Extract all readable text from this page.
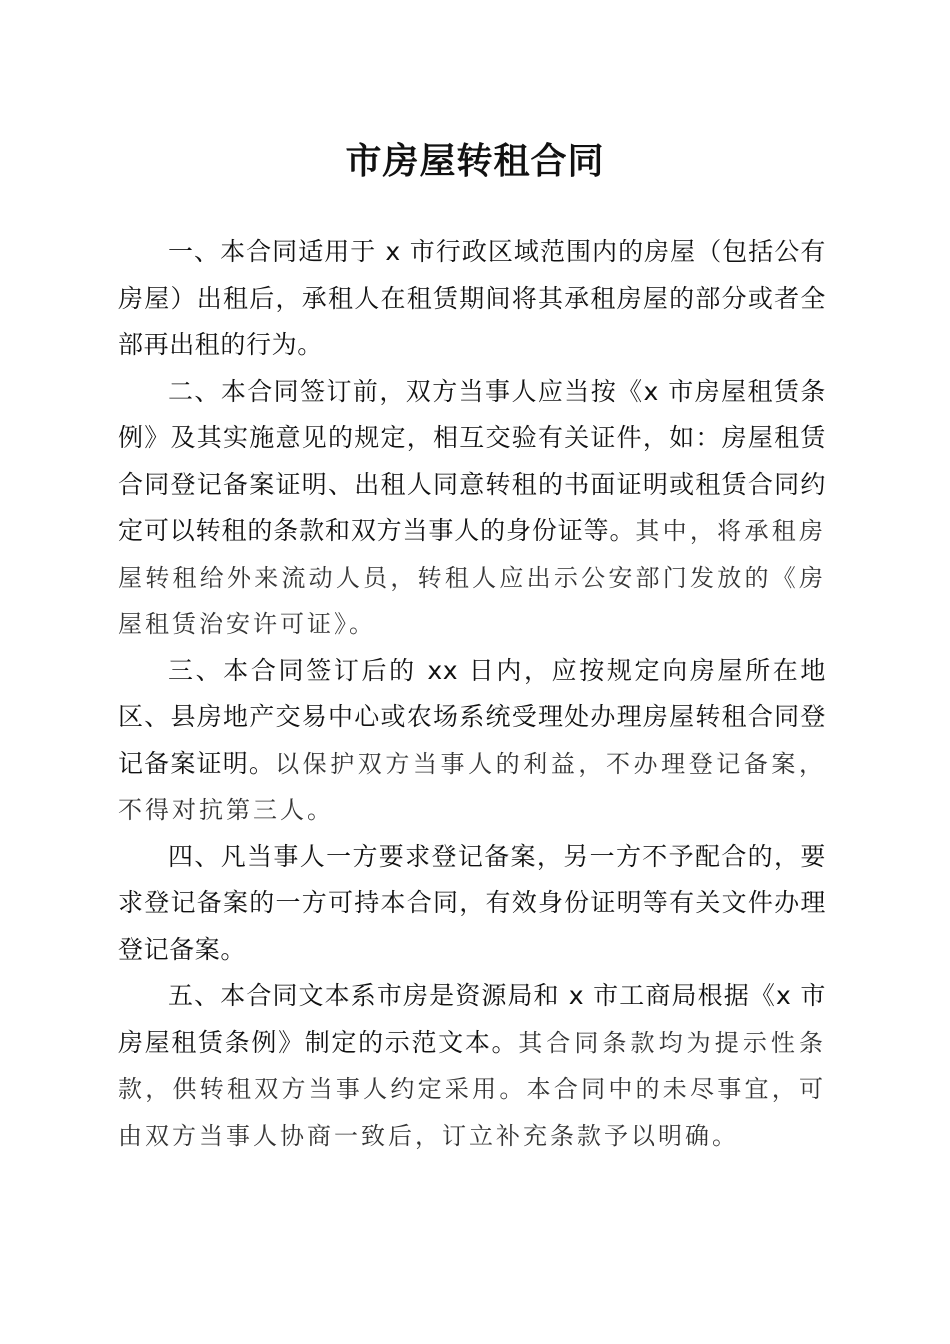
市房屋转租合同

一、本合同适用于 x 市行政区域范围内的房屋（包括公有房屋）出租后，承租人在租赁期间将其承租房屋的部分或者全部再出租的行为。

二、本合同签订前，双方当事人应当按《x 市房屋租赁条例》及其实施意见的规定，相互交验有关证件，如：房屋租赁合同登记备案证明、出租人同意转租的书面证明或租赁合同约定可以转租的条款和双方当事人的身份证等。其中，将承租房屋转租给外来流动人员，转租人应出示公安部门发放的《房屋租赁治安许可证》。

三、本合同签订后的 xx 日内，应按规定向房屋所在地区、县房地产交易中心或农场系统受理处办理房屋转租合同登记备案证明。以保护双方当事人的利益，不办理登记备案，不得对抗第三人。

四、凡当事人一方要求登记备案，另一方不予配合的，要求登记备案的一方可持本合同，有效身份证明等有关文件办理登记备案。

五、本合同文本系市房是资源局和 x 市工商局根据《x 市房屋租赁条例》制定的示范文本。其合同条款均为提示性条款，供转租双方当事人约定采用。本合同中的未尽事宜，可由双方当事人协商一致后，订立补充条款予以明确。
